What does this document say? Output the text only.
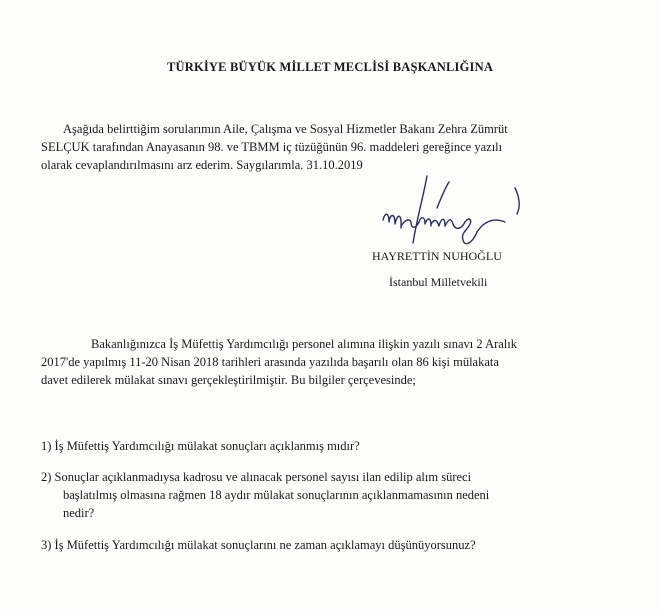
TÜRKİYE BÜYÜK MİLLET MECLİSİ BAŞKANLIĞINA
Aşağıda belirttiğim sorularımın Aile, Çalışma ve Sosyal Hizmetler Bakanı Zehra Zümrüt
SELÇUK tarafından Anayasanın 98. ve TBMM iç tüzüğünün 96. maddeleri gereğince yazılı
olarak cevaplandırılmasını arz ederim. Saygılarımla. 31.10.2019
HAYRETTİN NUHOĞLU
İstanbul Milletvekili
Bakanlığınızca İş Müfettiş Yardımcılığı personel alımına ilişkin yazılı sınavı 2 Aralık
2017'de yapılmış 11-20 Nisan 2018 tarihleri arasında yazılıda başarılı olan 86 kişi mülakata
davet edilerek mülakat sınavı gerçekleştirilmiştir. Bu bilgiler çerçevesinde;
1) İş Müfettiş Yardımcılığı mülakat sonuçları açıklanmış mıdır?
2) Sonuçlar açıklanmadıysa kadrosu ve alınacak personel sayısı ilan edilip alım süreci
başlatılmış olmasına rağmen 18 aydır mülakat sonuçlarının açıklanmamasının nedeni
nedir?
3) İş Müfettiş Yardımcılığı mülakat sonuçlarını ne zaman açıklamayı düşünüyorsunuz?
